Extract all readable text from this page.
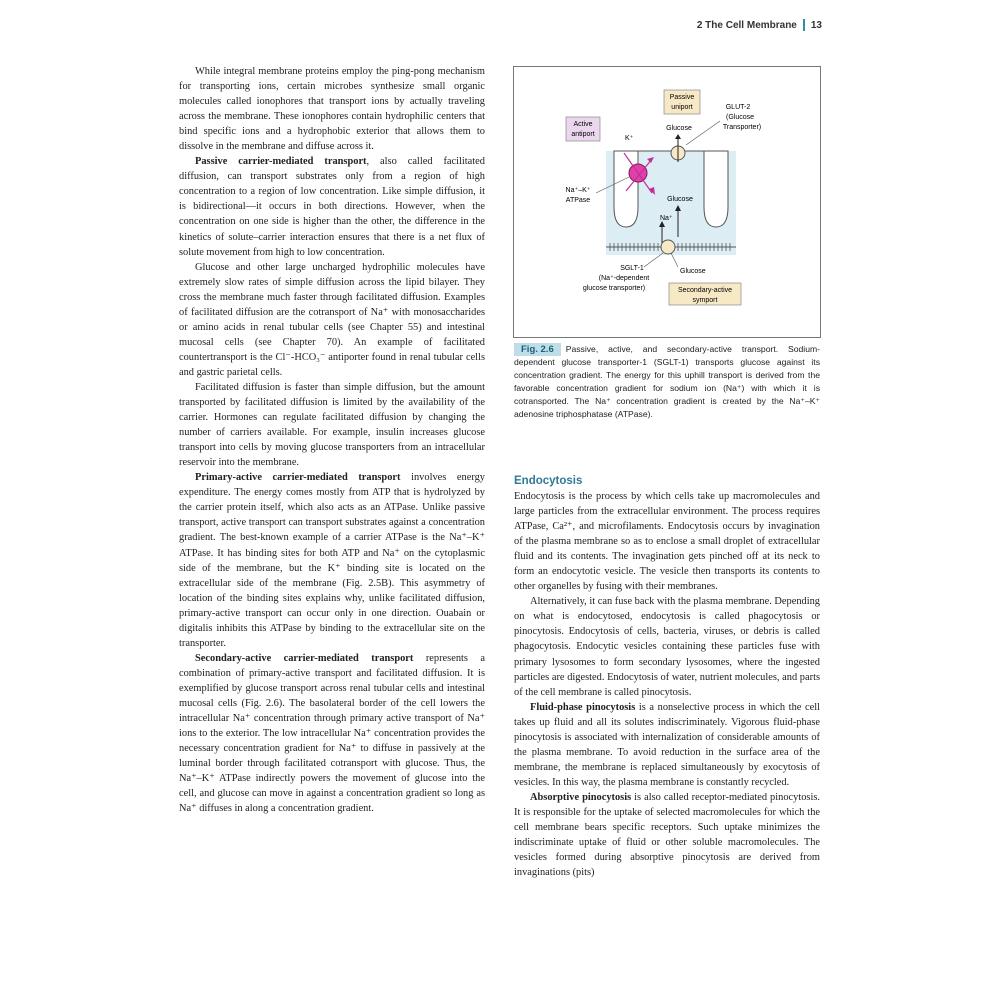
2 The Cell Membrane 13

While integral membrane proteins employ the ping-pong mechanism for transporting ions, certain microbes synthesize small organic molecules called ionophores that transport ions by actually traveling across the membrane. These ionophores contain hydrophilic centers that bind specific ions and a hydrophobic exterior that allows them to dissolve in the membrane and diffuse across it.

Passive carrier-mediated transport, also called facilitated diffusion, can transport substrates only from a region of high concentration to a region of low concentration. Like simple diffusion, it is bidirectional—it occurs in both directions. However, when the concentration on one side is higher than the other, the difference in the kinetics of solute–carrier interaction ensures that there is a net flux of solute movement from high to low concentration.

Glucose and other large uncharged hydrophilic molecules have extremely slow rates of simple diffusion across the lipid bilayer. They cross the membrane much faster through facilitated diffusion. Examples of facilitated diffusion are the cotransport of Na⁺ with monosaccharides or amino acids in renal tubular cells (see Chapter 55) and intestinal mucosal cells (see Chapter 70). An example of facilitated countertransport is the Cl⁻-HCO₃⁻ antiporter found in renal tubular cells and gastric parietal cells.

Facilitated diffusion is faster than simple diffusion, but the amount transported by facilitated diffusion is limited by the availability of the carrier. Hormones can regulate facilitated diffusion by changing the number of carriers available. For example, insulin increases glucose transport into cells by moving glucose transporters from an intracellular reservoir into the membrane.

Primary-active carrier-mediated transport involves energy expenditure. The energy comes mostly from ATP that is hydrolyzed by the carrier protein itself, which also acts as an ATPase. Unlike passive transport, active transport can transport substrates against a concentration gradient. The best-known example of a carrier ATPase is the Na⁺–K⁺ ATPase. It has binding sites for both ATP and Na⁺ on the cytoplasmic side of the membrane, but the K⁺ binding site is located on the extracellular side of the membrane (Fig. 2.5B). This asymmetry of location of the binding sites explains why, unlike facilitated diffusion, primary-active transport can occur only in one direction. Ouabain or digitalis inhibits this ATPase by binding to the extracellular site on the transporter.

Secondary-active carrier-mediated transport represents a combination of primary-active transport and facilitated diffusion. It is exemplified by glucose transport across renal tubular cells and intestinal mucosal cells (Fig. 2.6). The basolateral border of the cell lowers the intracellular Na⁺ concentration through primary active transport of Na⁺ ions to the exterior. The low intracellular Na⁺ concentration provides the necessary concentration gradient for Na⁺ to diffuse in passively at the luminal border through facilitated cotransport with glucose. Thus, the Na⁺–K⁺ ATPase indirectly powers the movement of glucose into the cell, and glucose can move in against a concentration gradient so long as Na⁺ diffuses in along a concentration gradient.

Passive
uniport	GLUT-2
(Glucose
Transporter)
Glucose
Active
antiport
K⁺
Na⁺–K⁺
ATPase	Glucose
Na⁺
SGLT-1
(Na⁺-dependent
glucose transporter)
Glucose
Secondary-active
symport
Fig. 2.6 Passive, active, and secondary-active transport. Sodium-dependent glucose transporter-1 (SGLT-1) transports glucose against its concentration gradient. The energy for this uphill transport is derived from the favorable concentration gradient for sodium ion (Na⁺) with which it is cotransported. The Na⁺ concentration gradient is created by the Na⁺–K⁺ adenosine triphosphatase (ATPase).
Endocytosis

Endocytosis is the process by which cells take up macromolecules and large particles from the extracellular environment. The process requires ATPase, Ca²⁺, and microfilaments. Endocytosis occurs by invagination of the plasma membrane so as to enclose a small droplet of extracellular fluid and its contents. The invagination gets pinched off at its neck to form an endocytotic vesicle. The vesicle then transports its contents to other organelles by fusing with their membranes.

Alternatively, it can fuse back with the plasma membrane. Depending on what is endocytosed, endocytosis is called phagocytosis or pinocytosis. Endocytosis of cells, bacteria, viruses, or debris is called phagocytosis. Endocytic vesicles containing these particles fuse with primary lysosomes to form secondary lysosomes, where the ingested particles are digested. Endocytosis of water, nutrient molecules, and parts of the cell membrane is called pinocytosis.

Fluid-phase pinocytosis is a nonselective process in which the cell takes up fluid and all its solutes indiscriminately. Vigorous fluid-phase pinocytosis is associated with internalization of considerable amounts of the plasma membrane. To avoid reduction in the surface area of the membrane, the membrane is replaced simultaneously by exocytosis of vesicles. In this way, the plasma membrane is constantly recycled.

Absorptive pinocytosis is also called receptor-mediated pinocytosis. It is responsible for the uptake of selected macromolecules for which the cell membrane bears specific receptors. Such uptake minimizes the indiscriminate uptake of fluid or other soluble macromolecules. The vesicles formed during absorptive pinocytosis are derived from invaginations (pits)
